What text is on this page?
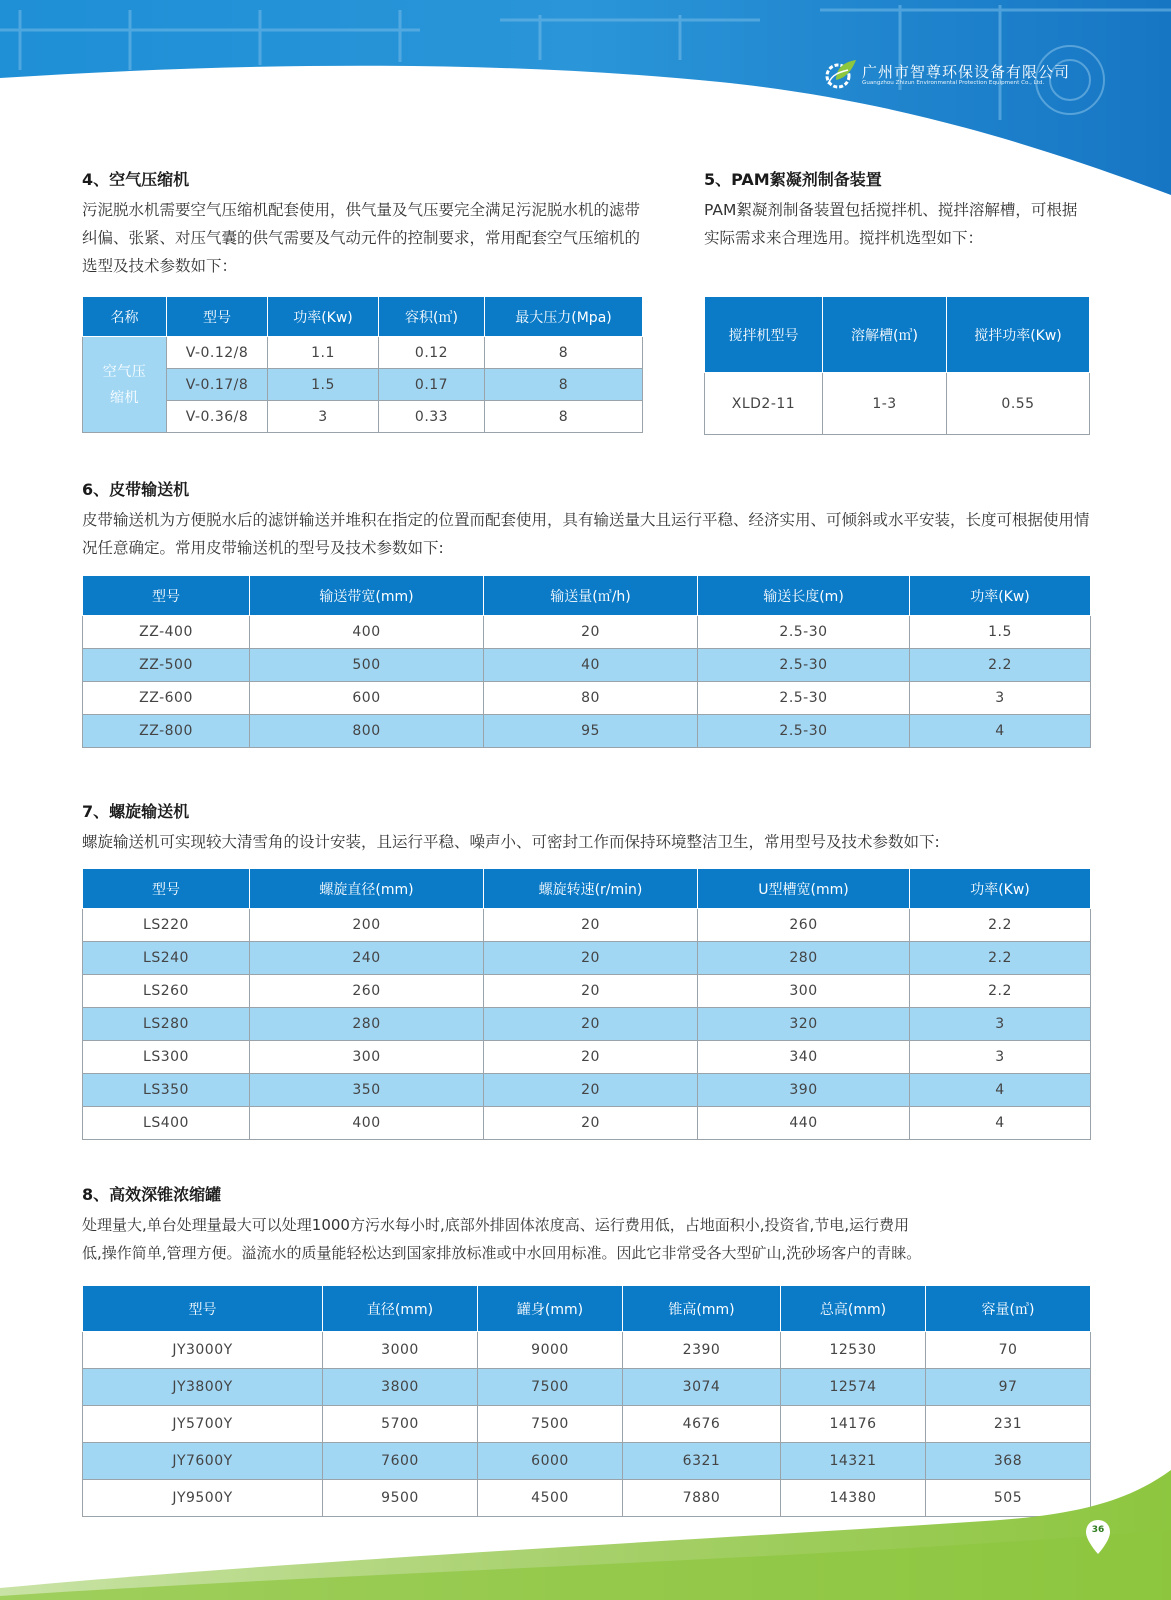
广州市智尊环保设备有限公司
Guangzhou Zhizun Environmental Protection Equipment Co., Ltd.
4、空气压缩机
污泥脱水机需要空气压缩机配套使用，供气量及气压要完全满足污泥脱水机的滤带纠偏、张紧、对压气囊的供气需要及气动元件的控制要求，常用配套空气压缩机的选型及技术参数如下：
名称	型号	功率(Kw)	容积(㎥)	最大压力(Mpa)
空气压缩机	V-0.12/8	1.1	0.12	8
	V-0.17/8	1.5	0.17	8
	V-0.36/8	3	0.33	8
5、PAM絮凝剂制备装置
PAM絮凝剂制备装置包括搅拌机、搅拌溶解槽，可根据实际需求来合理选用。搅拌机选型如下：
搅拌机型号	溶解槽(㎥)	搅拌功率(Kw)
XLD2-11	1-3	0.55
6、皮带输送机
皮带输送机为方便脱水后的滤饼输送并堆积在指定的位置而配套使用，具有输送量大且运行平稳、经济实用、可倾斜或水平安装，长度可根据使用情况任意确定。常用皮带输送机的型号及技术参数如下:
型号	输送带宽(mm)	输送量(㎥/h)	输送长度(m)	功率(Kw)
ZZ-400	400	20	2.5-30	1.5
ZZ-500	500	40	2.5-30	2.2
ZZ-600	600	80	2.5-30	3
ZZ-800	800	95	2.5-30	4
7、螺旋输送机
螺旋输送机可实现较大清雪角的设计安装，且运行平稳、噪声小、可密封工作而保持环境整洁卫生，常用型号及技术参数如下:
型号	螺旋直径(mm)	螺旋转速(r/min)	U型槽宽(mm)	功率(Kw)
LS220	200	20	260	2.2
LS240	240	20	280	2.2
LS260	260	20	300	2.2
LS280	280	20	320	3
LS300	300	20	340	3
LS350	350	20	390	4
LS400	400	20	440	4
8、高效深锥浓缩罐
处理量大,单台处理量最大可以处理1000方污水每小时,底部外排固体浓度高、运行费用低，占地面积小,投资省,节电,运行费用
低,操作简单,管理方便。溢流水的质量能轻松达到国家排放标准或中水回用标准。因此它非常受各大型矿山,洗砂场客户的青睐。
型号	直径(mm)	罐身(mm)	锥高(mm)	总高(mm)	容量(㎥)
JY3000Y	3000	9000	2390	12530	70
JY3800Y	3800	7500	3074	12574	97
JY5700Y	5700	7500	4676	14176	231
JY7600Y	7600	6000	6321	14321	368
JY9500Y	9500	4500	7880	14380	505
36
